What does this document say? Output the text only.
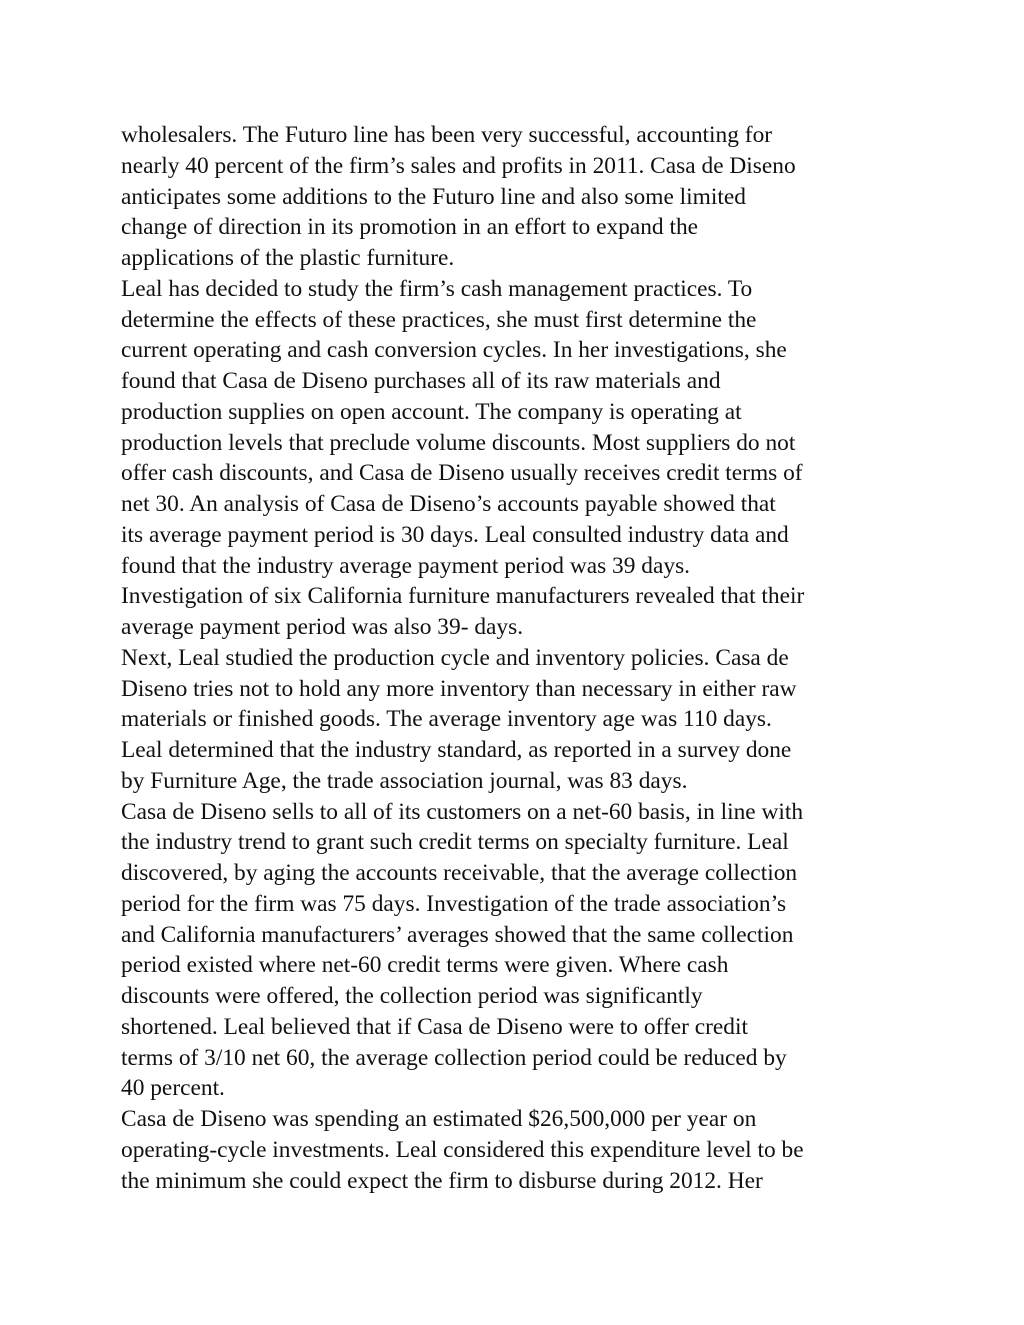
wholesalers. The Futuro line has been very successful, accounting for
nearly 40 percent of the firm’s sales and profits in 2011. Casa de Diseno
anticipates some additions to the Futuro line and also some limited
change of direction in its promotion in an effort to expand the
applications of the plastic furniture.
Leal has decided to study the firm’s cash management practices. To
determine the effects of these practices, she must first determine the
current operating and cash conversion cycles. In her investigations, she
found that Casa de Diseno purchases all of its raw materials and
production supplies on open account. The company is operating at
production levels that preclude volume discounts. Most suppliers do not
offer cash discounts, and Casa de Diseno usually receives credit terms of
net 30. An analysis of Casa de Diseno’s accounts payable showed that
its average payment period is 30 days. Leal consulted industry data and
found that the industry average payment period was 39 days.
Investigation of six California furniture manufacturers revealed that their
average payment period was also 39- days.
Next, Leal studied the production cycle and inventory policies. Casa de
Diseno tries not to hold any more inventory than necessary in either raw
materials or finished goods. The average inventory age was 110 days.
Leal determined that the industry standard, as reported in a survey done
by Furniture Age, the trade association journal, was 83 days.
Casa de Diseno sells to all of its customers on a net-60 basis, in line with
the industry trend to grant such credit terms on specialty furniture. Leal
discovered, by aging the accounts receivable, that the average collection
period for the firm was 75 days. Investigation of the trade association’s
and California manufacturers’ averages showed that the same collection
period existed where net-60 credit terms were given. Where cash
discounts were offered, the collection period was significantly
shortened. Leal believed that if Casa de Diseno were to offer credit
terms of 3/10 net 60, the average collection period could be reduced by
40 percent.
Casa de Diseno was spending an estimated $26,500,000 per year on
operating-cycle investments. Leal considered this expenditure level to be
the minimum she could expect the firm to disburse during 2012. Her
